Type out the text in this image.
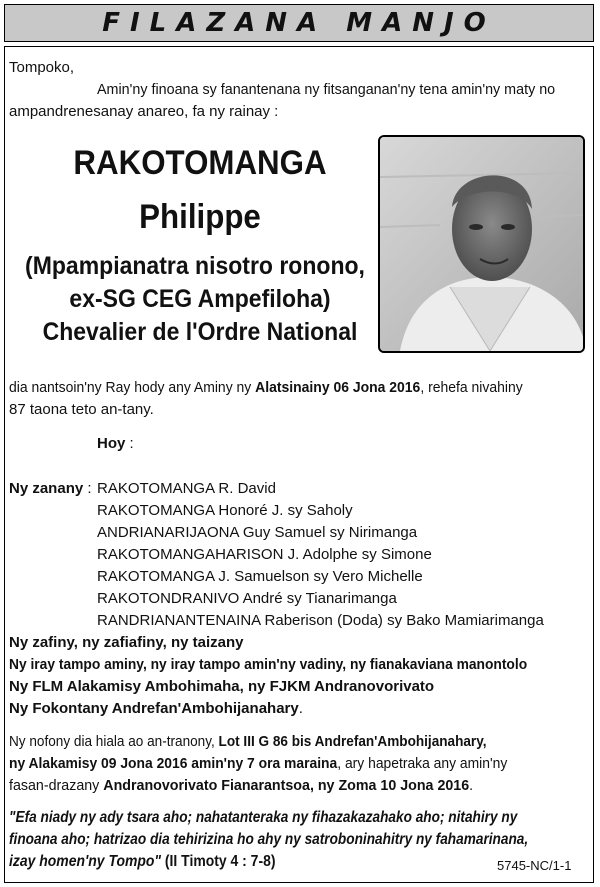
FILAZANA MANJO
Tompoko,
Amin'ny finoana sy fanantenana ny fitsanganan'ny tena amin'ny maty no
ampandrenesanay anareo, fa ny rainay :
RAKOTOMANGA
Philippe
(Mpampianatra nisotro ronono,
ex-SG CEG Ampefiloha)
Chevalier de l'Ordre National
dia nantsoin'ny Ray hody any Aminy ny Alatsinainy 06 Jona 2016, rehefa nivahiny
87 taona teto an-tany.
Hoy :
Ny zanany : RAKOTOMANGA R. David
RAKOTOMANGA Honoré J. sy Saholy
ANDRIANARIJAONA Guy Samuel sy Nirimanga
RAKOTOMANGAHARISON J. Adolphe sy Simone
RAKOTOMANGA J. Samuelson sy Vero Michelle
RAKOTONDRANIVO André sy Tianarimanga
RANDRIANANTENAINA Raberison (Doda) sy Bako Mamiarimanga
Ny zafiny, ny zafiafiny, ny taizany
Ny iray tampo aminy, ny iray tampo amin'ny vadiny, ny fianakaviana manontolo
Ny FLM Alakamisy Ambohimaha, ny FJKM Andranovorivato
Ny Fokontany Andrefan'Ambohijanahary.
Ny nofony dia hiala ao an-tranony, Lot III G 86 bis Andrefan'Ambohijanahary,
ny Alakamisy 09 Jona 2016 amin'ny 7 ora maraina, ary hapetraka any amin'ny
fasan-drazany Andranovorivato Fianarantsoa, ny Zoma 10 Jona 2016.
"Efa niady ny ady tsara aho; nahatanteraka ny fihazakazahako aho; nitahiry ny
finoana aho; hatrizao dia tehirizina ho ahy ny satroboninahitry ny fahamarinana,
izay homen'ny Tompo" (II Timoty 4 : 7-8)	5745-NC/1-1
